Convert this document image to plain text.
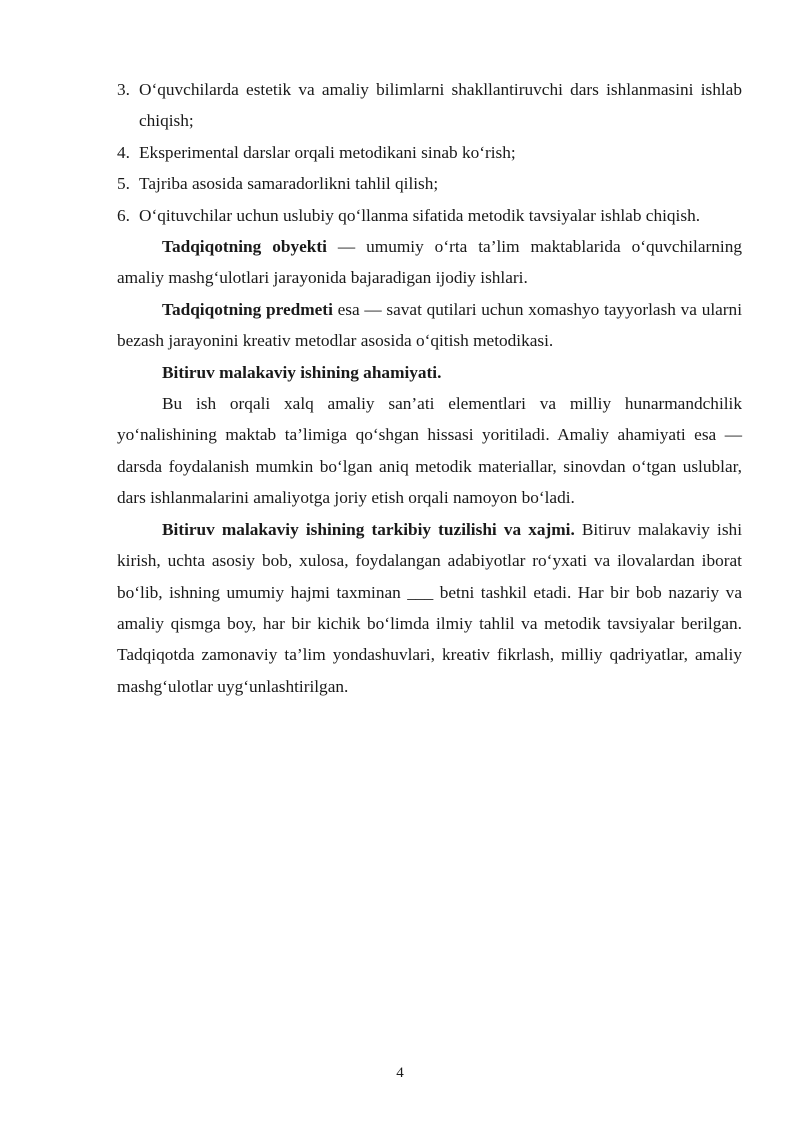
3. O‘quvchilarda estetik va amaliy bilimlarni shakllantiruvchi dars ishlanmasini ishlab chiqish;
4. Eksperimental darslar orqali metodikani sinab ko‘rish;
5. Tajriba asosida samaradorlikni tahlil qilish;
6. O‘qituvchilar uchun uslubiy qo‘llanma sifatida metodik tavsiyalar ishlab chiqish.

Tadqiqotning obyekti — umumiy o‘rta ta’lim maktablarida o‘quvchilarning amaliy mashg‘ulotlari jarayonida bajaradigan ijodiy ishlari.

Tadqiqotning predmeti esa — savat qutilari uchun xomashyo tayyorlash va ularni bezash jarayonini kreativ metodlar asosida o‘qitish metodikasi.

Bitiruv malakaviy ishining ahamiyati.

Bu ish orqali xalq amaliy san’ati elementlari va milliy hunarmandchilik yo‘nalishining maktab ta’limiga qo‘shgan hissasi yoritiladi. Amaliy ahamiyati esa — darsda foydalanish mumkin bo‘lgan aniq metodik materiallar, sinovdan o‘tgan uslublar, dars ishlanmalarini amaliyotga joriy etish orqali namoyon bo‘ladi.

Bitiruv malakaviy ishining tarkibiy tuzilishi va xajmi. Bitiruv malakaviy ishi kirish, uchta asosiy bob, xulosa, foydalangan adabiyotlar ro‘yxati va ilovalardan iborat bo‘lib, ishning umumiy hajmi taxminan ___ betni tashkil etadi. Har bir bob nazariy va amaliy qismga boy, har bir kichik bo‘limda ilmiy tahlil va metodik tavsiyalar berilgan. Tadqiqotda zamonaviy ta’lim yondashuvlari, kreativ fikrlash, milliy qadriyatlar, amaliy mashg‘ulotlar uyg‘unlashtirilgan.

4
